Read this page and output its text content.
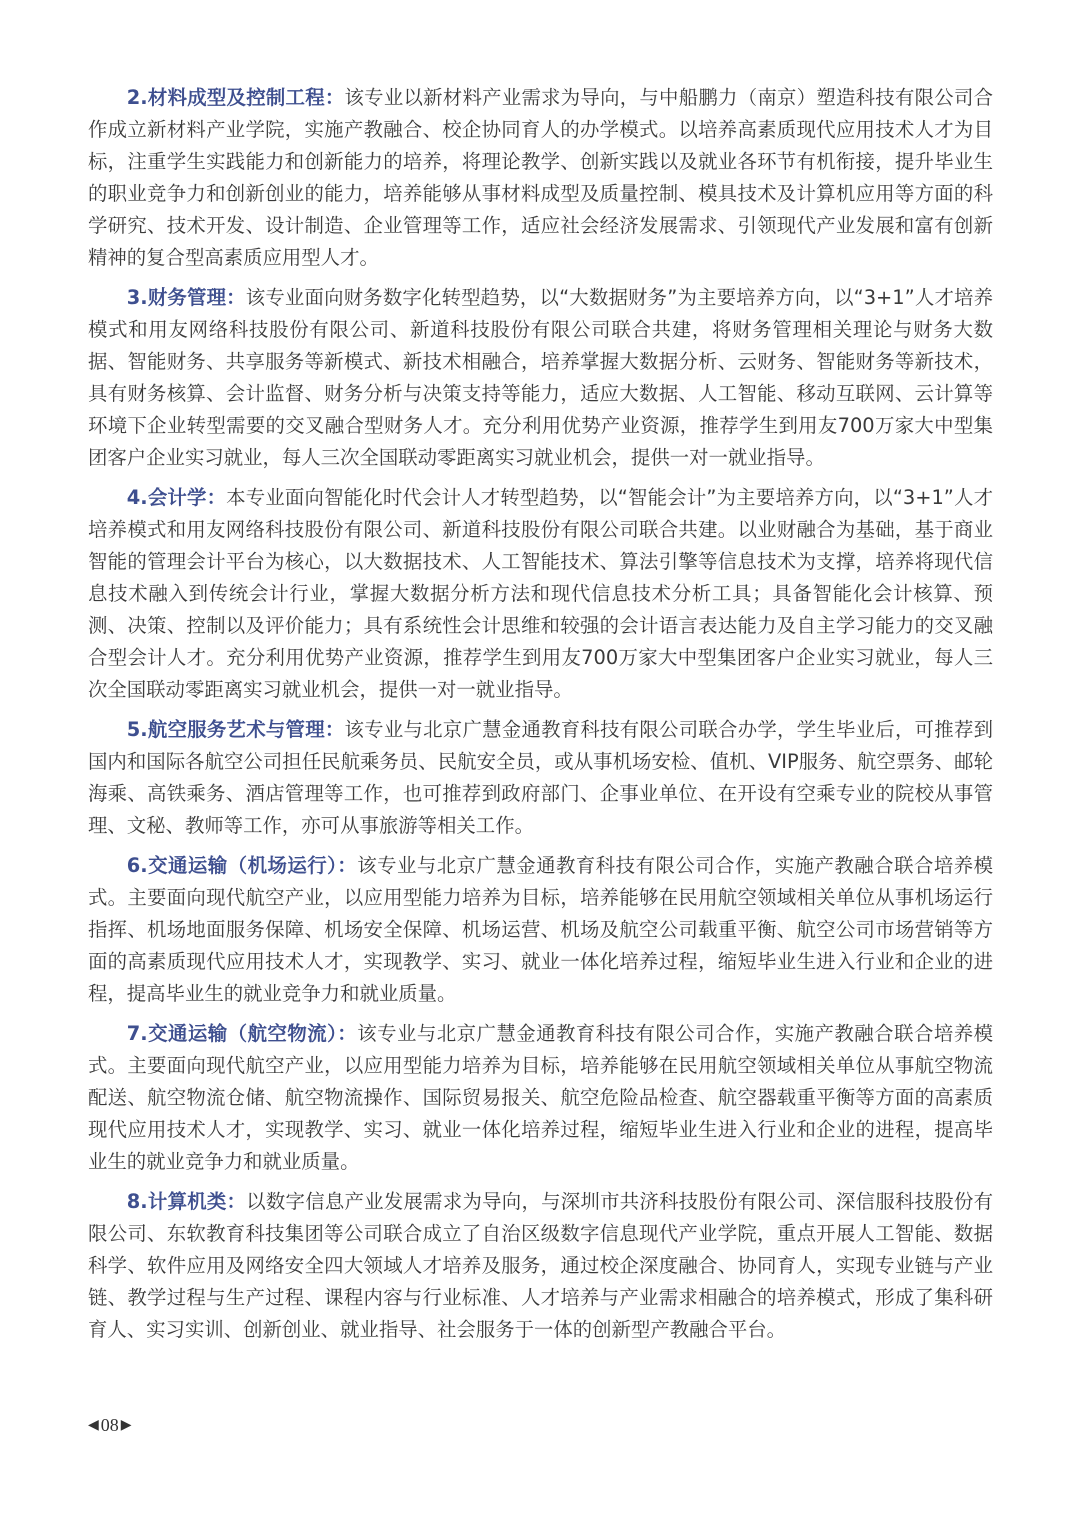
2.材料成型及控制工程：该专业以新材料产业需求为导向，与中船鹏力（南京）塑造科技有限公司合作成立新材料产业学院，实施产教融合、校企协同育人的办学模式。以培养高素质现代应用技术人才为目标，注重学生实践能力和创新能力的培养，将理论教学、创新实践以及就业各环节有机衔接，提升毕业生的职业竞争力和创新创业的能力，培养能够从事材料成型及质量控制、模具技术及计算机应用等方面的科学研究、技术开发、设计制造、企业管理等工作，适应社会经济发展需求、引领现代产业发展和富有创新精神的复合型高素质应用型人才。

3.财务管理：该专业面向财务数字化转型趋势，以“大数据财务”为主要培养方向，以“3+1”人才培养模式和用友网络科技股份有限公司、新道科技股份有限公司联合共建，将财务管理相关理论与财务大数据、智能财务、共享服务等新模式、新技术相融合，培养掌握大数据分析、云财务、智能财务等新技术，具有财务核算、会计监督、财务分析与决策支持等能力，适应大数据、人工智能、移动互联网、云计算等环境下企业转型需要的交叉融合型财务人才。充分利用优势产业资源，推荐学生到用友700万家大中型集团客户企业实习就业，每人三次全国联动零距离实习就业机会，提供一对一就业指导。

4.会计学：本专业面向智能化时代会计人才转型趋势，以“智能会计”为主要培养方向，以“3+1”人才培养模式和用友网络科技股份有限公司、新道科技股份有限公司联合共建。以业财融合为基础，基于商业智能的管理会计平台为核心，以大数据技术、人工智能技术、算法引擎等信息技术为支撑，培养将现代信息技术融入到传统会计行业，掌握大数据分析方法和现代信息技术分析工具；具备智能化会计核算、预测、决策、控制以及评价能力；具有系统性会计思维和较强的会计语言表达能力及自主学习能力的交叉融合型会计人才。充分利用优势产业资源，推荐学生到用友700万家大中型集团客户企业实习就业，每人三次全国联动零距离实习就业机会，提供一对一就业指导。

5.航空服务艺术与管理：该专业与北京广慧金通教育科技有限公司联合办学，学生毕业后，可推荐到国内和国际各航空公司担任民航乘务员、民航安全员，或从事机场安检、值机、VIP服务、航空票务、邮轮海乘、高铁乘务、酒店管理等工作，也可推荐到政府部门、企事业单位、在开设有空乘专业的院校从事管理、文秘、教师等工作，亦可从事旅游等相关工作。

6.交通运输（机场运行）：该专业与北京广慧金通教育科技有限公司合作，实施产教融合联合培养模式。主要面向现代航空产业，以应用型能力培养为目标，培养能够在民用航空领域相关单位从事机场运行指挥、机场地面服务保障、机场安全保障、机场运营、机场及航空公司载重平衡、航空公司市场营销等方面的高素质现代应用技术人才，实现教学、实习、就业一体化培养过程，缩短毕业生进入行业和企业的进程，提高毕业生的就业竞争力和就业质量。

7.交通运输（航空物流）：该专业与北京广慧金通教育科技有限公司合作，实施产教融合联合培养模式。主要面向现代航空产业，以应用型能力培养为目标，培养能够在民用航空领域相关单位从事航空物流配送、航空物流仓储、航空物流操作、国际贸易报关、航空危险品检查、航空器载重平衡等方面的高素质现代应用技术人才，实现教学、实习、就业一体化培养过程，缩短毕业生进入行业和企业的进程，提高毕业生的就业竞争力和就业质量。

8.计算机类：以数字信息产业发展需求为导向，与深圳市共济科技股份有限公司、深信服科技股份有限公司、东软教育科技集团等公司联合成立了自治区级数字信息现代产业学院，重点开展人工智能、数据科学、软件应用及网络安全四大领域人才培养及服务，通过校企深度融合、协同育人，实现专业链与产业链、教学过程与生产过程、课程内容与行业标准、人才培养与产业需求相融合的培养模式，形成了集科研育人、实习实训、创新创业、就业指导、社会服务于一体的创新型产教融合平台。

◀ 08 ▶
